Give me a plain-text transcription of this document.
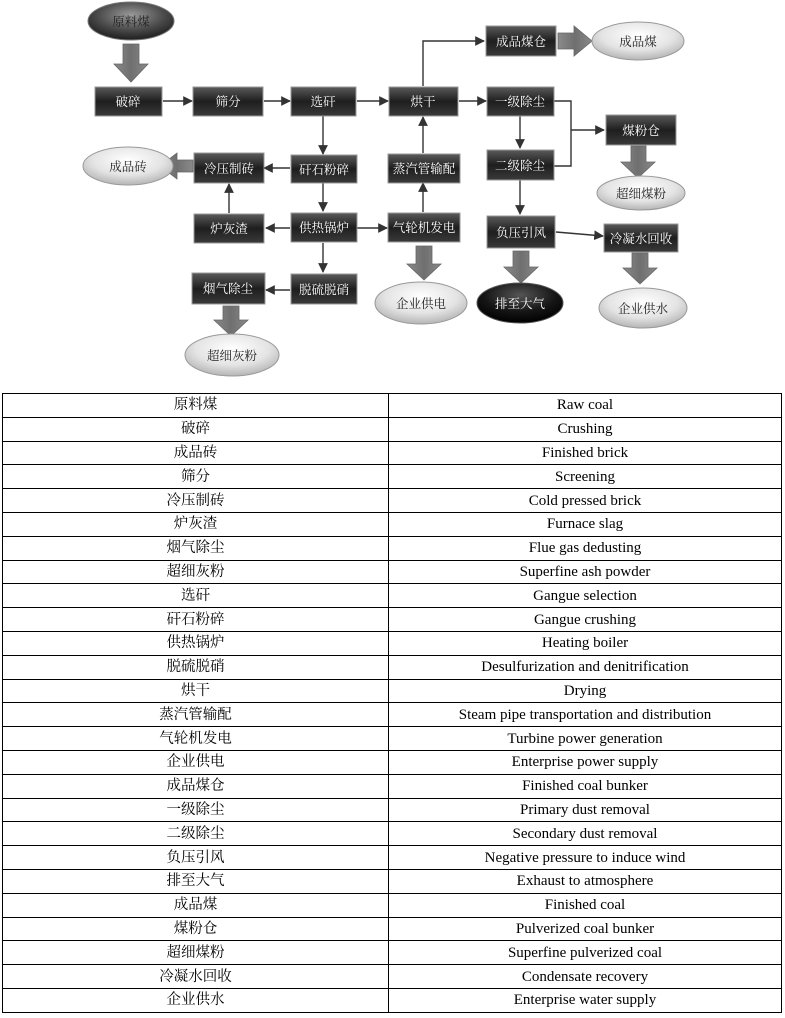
破碎	筛分	选矸	烘干
成品煤仓
一级除尘
煤粉仓
二级除尘
冷压制砖	矸石粉碎	蒸汽管输配
炉灰渣	供热锅炉	气轮机发电	负压引风	冷凝水回收
烟气除尘	脱硫脱硝
原料煤
成品煤
成品砖
超细煤粉
企业供电	排至大气	企业供水
超细灰粉
原料煤	Raw coal
破碎	Crushing
成品砖	Finished brick
筛分	Screening
冷压制砖	Cold pressed brick
炉灰渣	Furnace slag
烟气除尘	Flue gas dedusting
超细灰粉	Superfine ash powder
选矸	Gangue selection
矸石粉碎	Gangue crushing
供热锅炉	Heating boiler
脱硫脱硝	Desulfurization and denitrification
烘干	Drying
蒸汽管输配	Steam pipe transportation and distribution
气轮机发电	Turbine power generation
企业供电	Enterprise power supply
成品煤仓	Finished coal bunker
一级除尘	Primary dust removal
二级除尘	Secondary dust removal
负压引风	Negative pressure to induce wind
排至大气	Exhaust to atmosphere
成品煤	Finished coal
煤粉仓	Pulverized coal bunker
超细煤粉	Superfine pulverized coal
冷凝水回收	Condensate recovery
企业供水	Enterprise water supply
